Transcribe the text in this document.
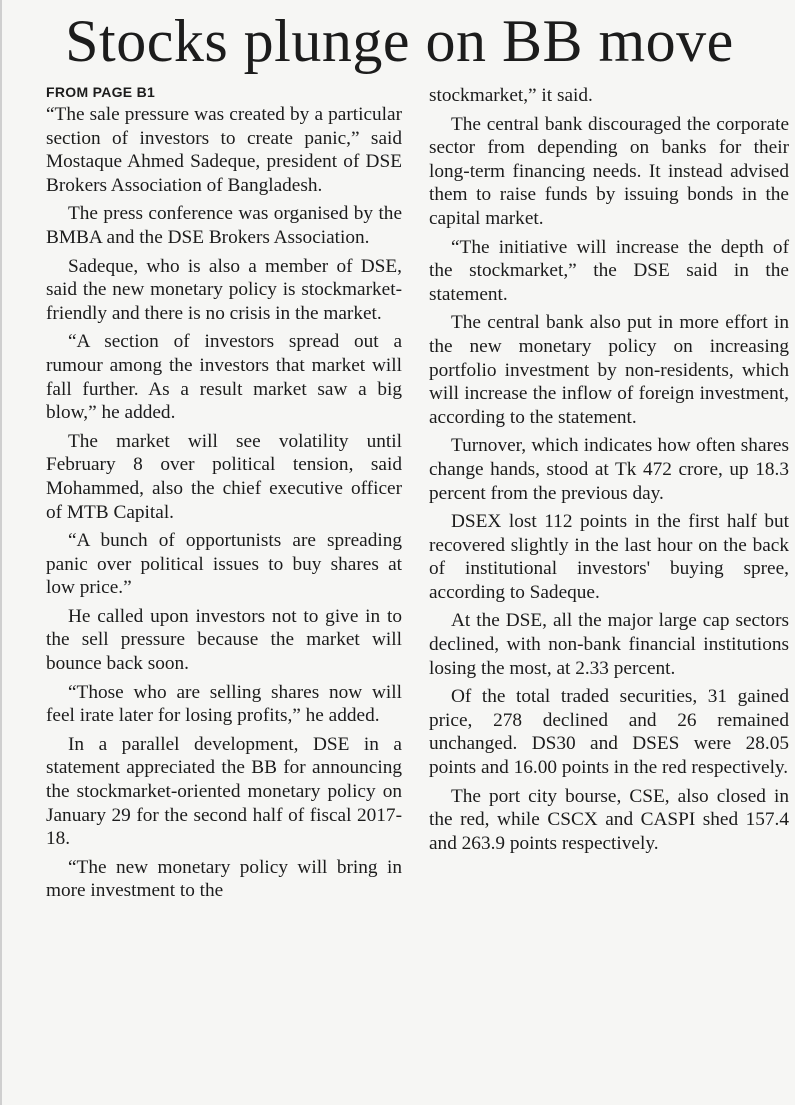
Stocks plunge on BB move
FROM PAGE B1

“The sale pressure was created by a particular section of investors to create panic,” said Mostaque Ahmed Sadeque, president of DSE Brokers Association of Bangladesh.

The press conference was organised by the BMBA and the DSE Brokers Association.

Sadeque, who is also a member of DSE, said the new monetary policy is stockmarket-friendly and there is no crisis in the market.

“A section of investors spread out a rumour among the investors that market will fall further. As a result market saw a big blow,” he added.

The market will see volatility until February 8 over political tension, said Mohammed, also the chief executive officer of MTB Capital.

“A bunch of opportunists are spreading panic over political issues to buy shares at low price.”

He called upon investors not to give in to the sell pressure because the market will bounce back soon.

“Those who are selling shares now will feel irate later for losing profits,” he added.

In a parallel development, DSE in a statement appreciated the BB for announcing the stockmarket-oriented monetary policy on January 29 for the second half of fiscal 2017-18.

“The new monetary policy will bring in more investment to the

stockmarket,” it said.

The central bank discouraged the corporate sector from depending on banks for their long-term financing needs. It instead advised them to raise funds by issuing bonds in the capital market.

“The initiative will increase the depth of the stockmarket,” the DSE said in the statement.

The central bank also put in more effort in the new monetary policy on increasing portfolio investment by non-residents, which will increase the inflow of foreign investment, according to the statement.

Turnover, which indicates how often shares change hands, stood at Tk 472 crore, up 18.3 percent from the previous day.

DSEX lost 112 points in the first half but recovered slightly in the last hour on the back of institutional investors' buying spree, according to Sadeque.

At the DSE, all the major large cap sectors declined, with non-bank financial institutions losing the most, at 2.33 percent.

Of the total traded securities, 31 gained price, 278 declined and 26 remained unchanged. DS30 and DSES were 28.05 points and 16.00 points in the red respectively.

The port city bourse, CSE, also closed in the red, while CSCX and CASPI shed 157.4 and 263.9 points respectively.
